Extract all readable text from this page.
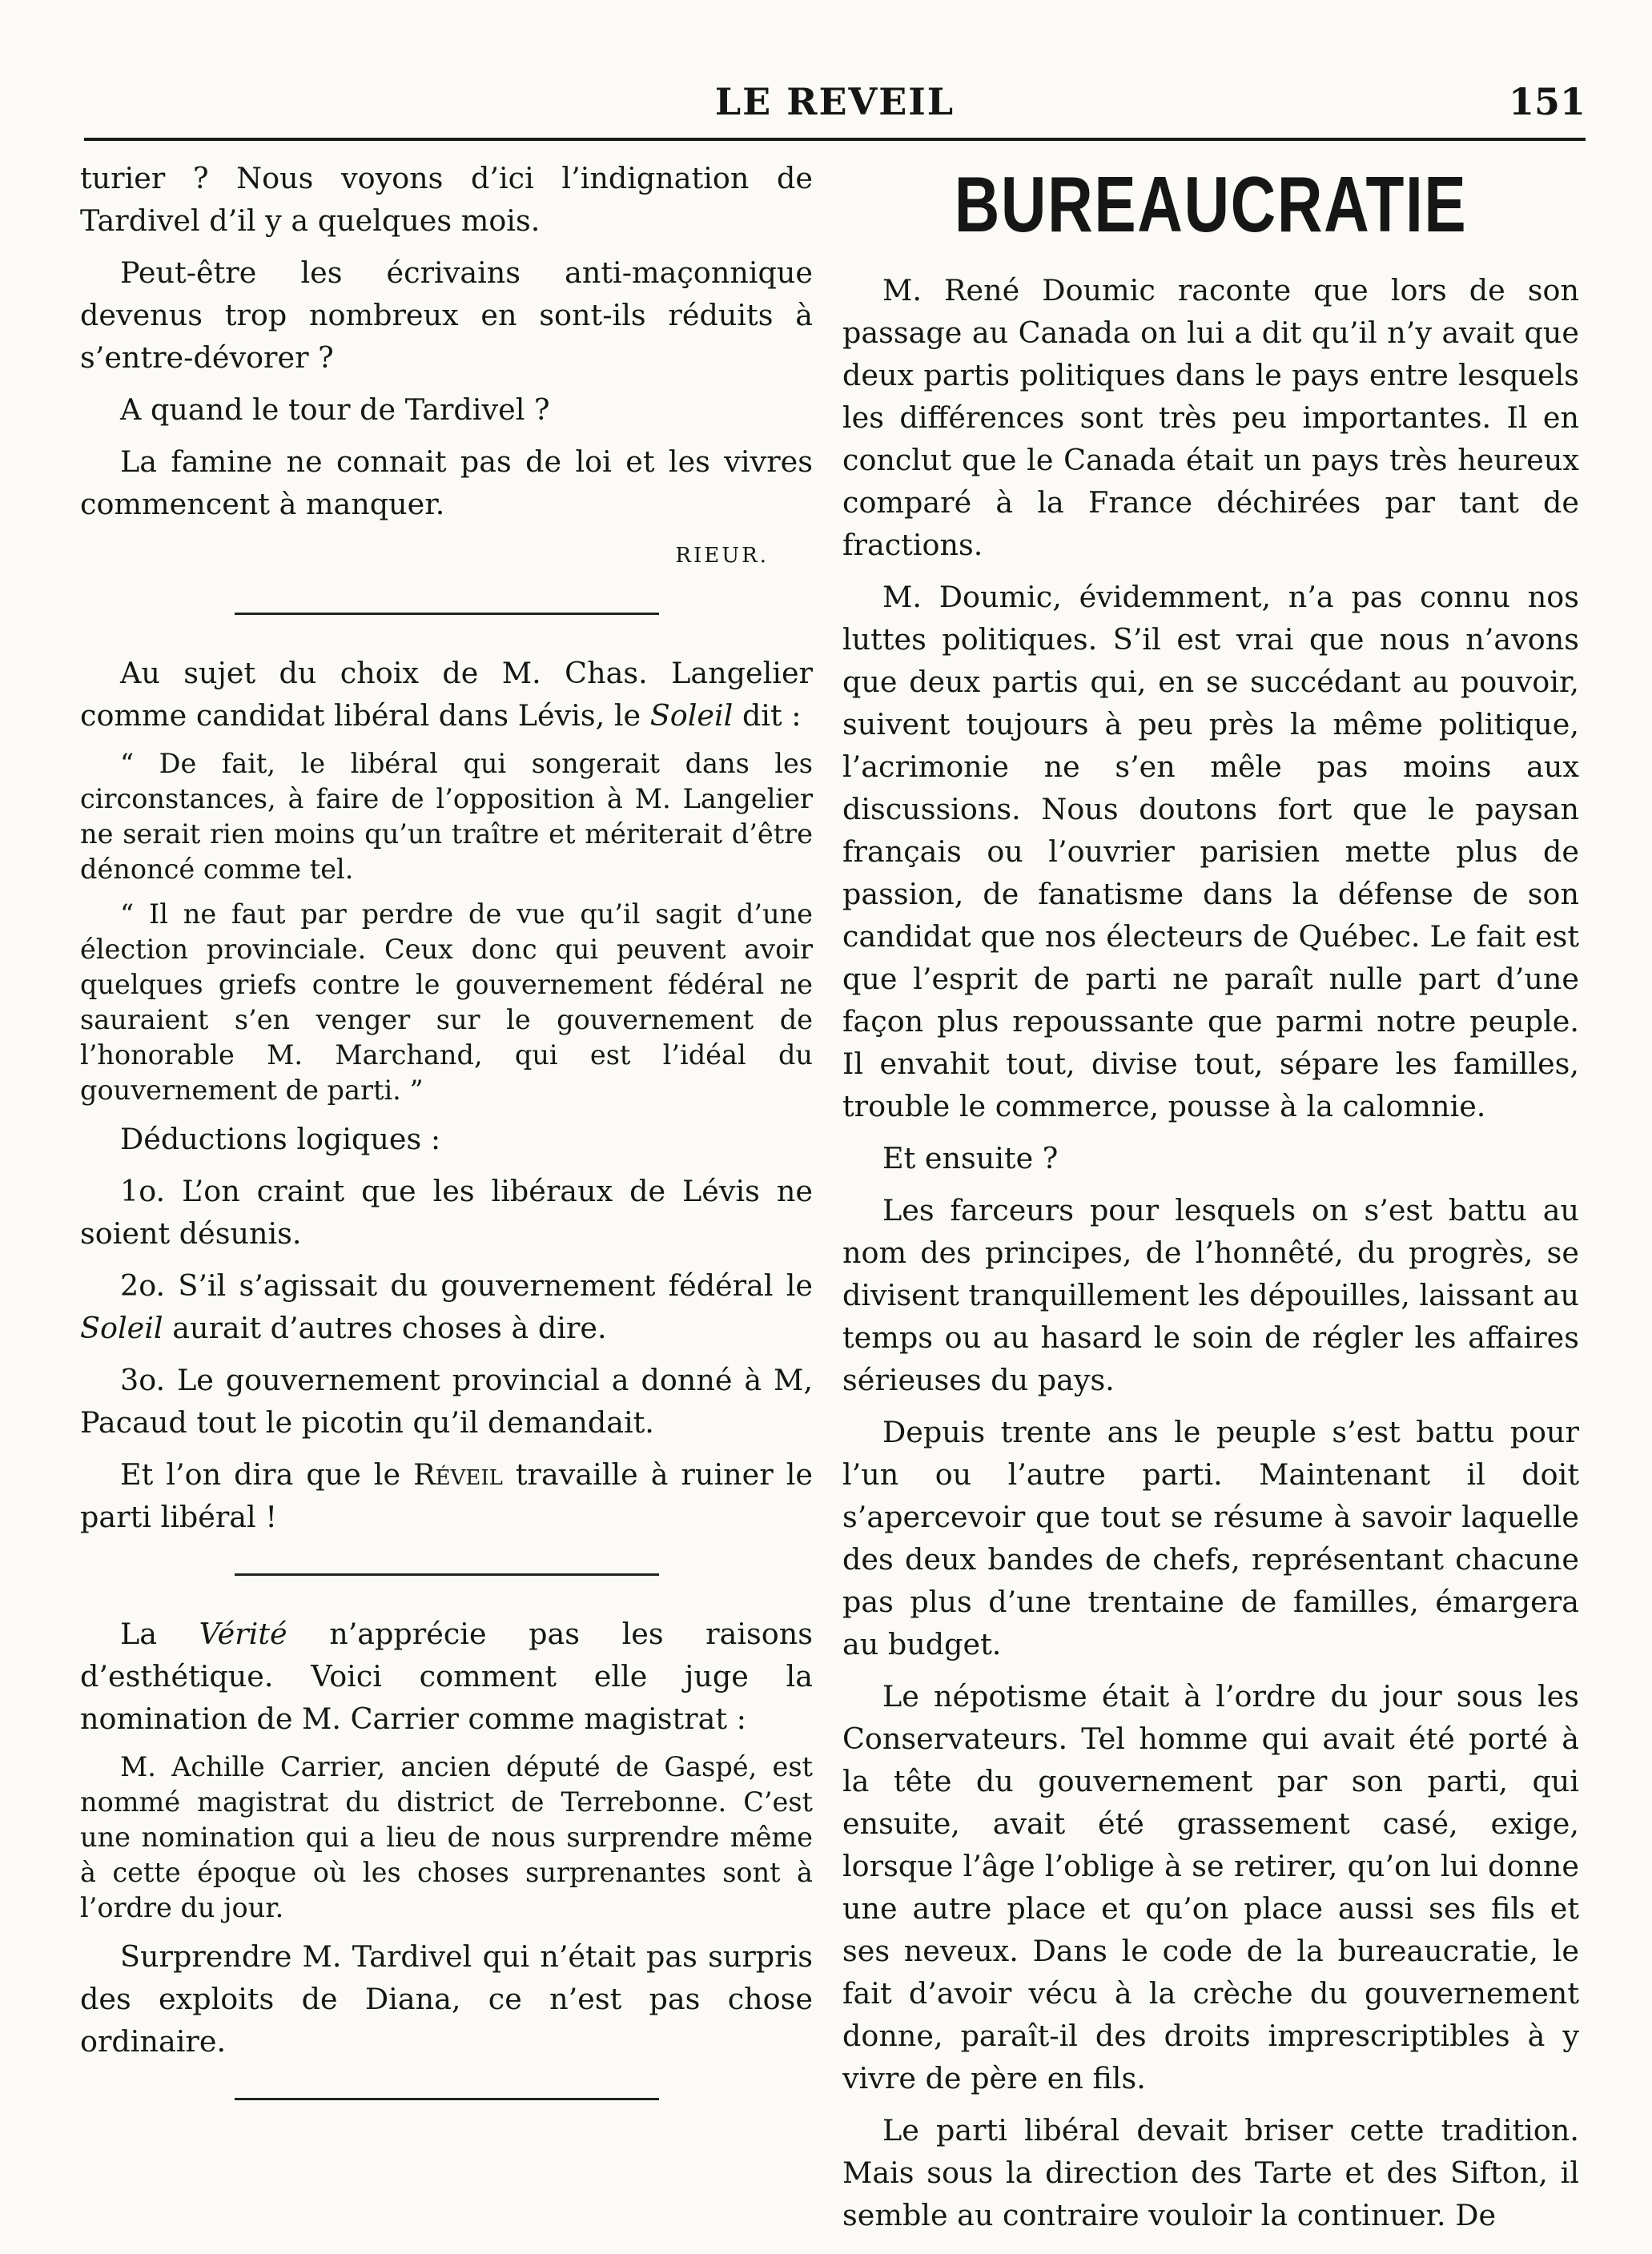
LE REVEIL	151

turier ? Nous voyons d’ici l’indignation de Tardivel d’il y a quelques mois.

Peut-être les écrivains anti-maçonnique devenus trop nombreux en sont-ils réduits à s’entre-dévorer ?

A quand le tour de Tardivel ?

La famine ne connait pas de loi et les vivres commencent à manquer.

RIEUR.

Au sujet du choix de M. Chas. Langelier comme candidat libéral dans Lévis, le Soleil dit :

“ De fait, le libéral qui songerait dans les circonstances, à faire de l’opposition à M. Langelier ne serait rien moins qu’un traître et mériterait d’être dénoncé comme tel.

“ Il ne faut par perdre de vue qu’il sagit d’une élection provinciale. Ceux donc qui peuvent avoir quelques griefs contre le gouvernement fédéral ne sauraient s’en venger sur le gouvernement de l’honorable M. Marchand, qui est l’idéal du gouvernement de parti. ”

Déductions logiques :

1o. L’on craint que les libéraux de Lévis ne soient désunis.

2o. S’il s’agissait du gouvernement fédéral le Soleil aurait d’autres choses à dire.

3o. Le gouvernement provincial a donné à M, Pacaud tout le picotin qu’il demandait.

Et l’on dira que le Réveil travaille à ruiner le parti libéral !

La Vérité n’apprécie pas les raisons d’esthétique. Voici comment elle juge la nomination de M. Carrier comme magistrat :

M. Achille Carrier, ancien député de Gaspé, est nommé magistrat du district de Terrebonne. C’est une nomination qui a lieu de nous surprendre même à cette époque où les choses surprenantes sont à l’ordre du jour.

Surprendre M. Tardivel qui n’était pas surpris des exploits de Diana, ce n’est pas chose ordinaire.

BUREAUCRATIE

M. René Doumic raconte que lors de son passage au Canada on lui a dit qu’il n’y avait que deux partis politiques dans le pays entre lesquels les différences sont très peu importantes. Il en conclut que le Canada était un pays très heureux comparé à la France déchirées par tant de fractions.

M. Doumic, évidemment, n’a pas connu nos luttes politiques. S’il est vrai que nous n’avons que deux partis qui, en se succédant au pouvoir, suivent toujours à peu près la même politique, l’acrimonie ne s’en mêle pas moins aux discussions. Nous doutons fort que le paysan français ou l’ouvrier parisien mette plus de passion, de fanatisme dans la défense de son candidat que nos électeurs de Québec. Le fait est que l’esprit de parti ne paraît nulle part d’une façon plus repoussante que parmi notre peuple. Il envahit tout, divise tout, sépare les familles, trouble le commerce, pousse à la calomnie.

Et ensuite ?

Les farceurs pour lesquels on s’est battu au nom des principes, de l’honnêté, du progrès, se divisent tranquillement les dépouilles, laissant au temps ou au hasard le soin de régler les affaires sérieuses du pays.

Depuis trente ans le peuple s’est battu pour l’un ou l’autre parti. Maintenant il doit s’apercevoir que tout se résume à savoir laquelle des deux bandes de chefs, représentant chacune pas plus d’une trentaine de familles, émargera au budget.

Le népotisme était à l’ordre du jour sous les Conservateurs. Tel homme qui avait été porté à la tête du gouvernement par son parti, qui ensuite, avait été grassement casé, exige, lorsque l’âge l’oblige à se retirer, qu’on lui donne une autre place et qu’on place aussi ses fils et ses neveux. Dans le code de la bureaucratie, le fait d’avoir vécu à la crèche du gouvernement donne, paraît-il des droits imprescriptibles à y vivre de père en fils.

Le parti libéral devait briser cette tradition. Mais sous la direction des Tarte et des Sifton, il semble au contraire vouloir la continuer. De
